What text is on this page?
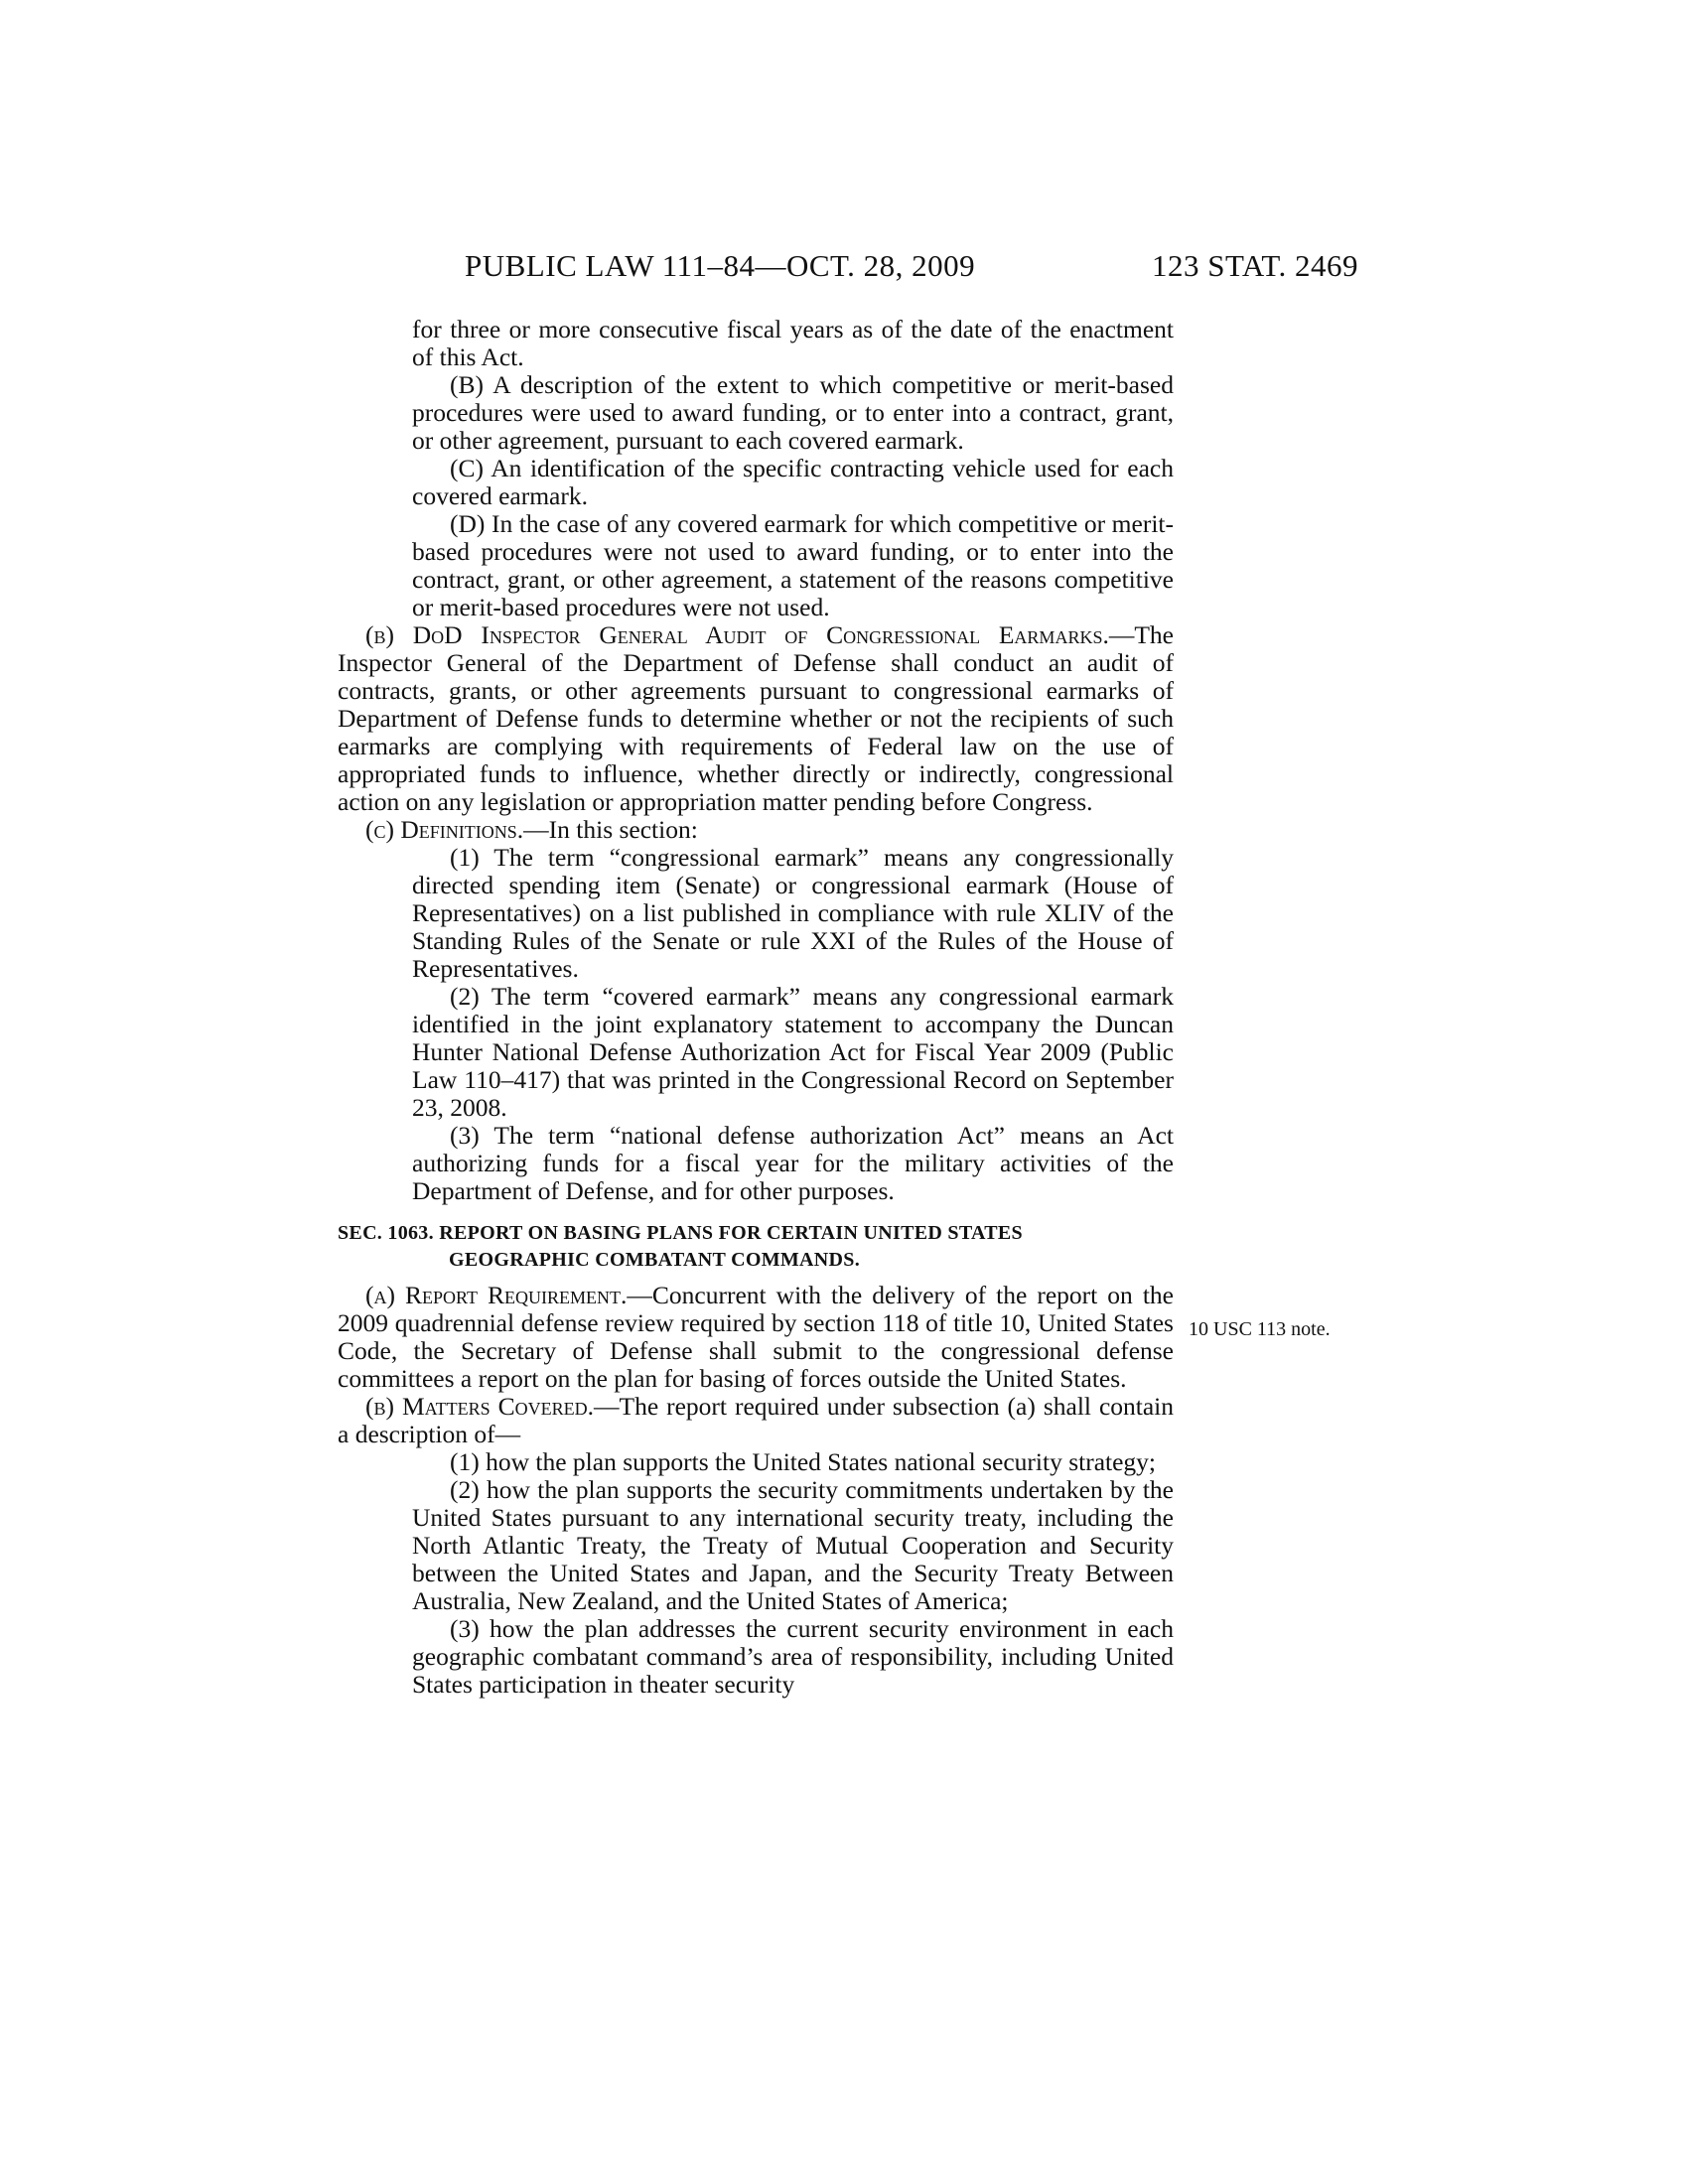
PUBLIC LAW 111–84—OCT. 28, 2009	123 STAT. 2469
10 USC 113 note.

for three or more consecutive fiscal years as of the date of the enactment of this Act.

(B) A description of the extent to which competitive or merit-based procedures were used to award funding, or to enter into a contract, grant, or other agreement, pursuant to each covered earmark.

(C) An identification of the specific contracting vehicle used for each covered earmark.

(D) In the case of any covered earmark for which competitive or merit-based procedures were not used to award funding, or to enter into the contract, grant, or other agreement, a statement of the reasons competitive or merit-based procedures were not used.

(b) DoD Inspector General Audit of Congressional Earmarks.—The Inspector General of the Department of Defense shall conduct an audit of contracts, grants, or other agreements pursuant to congressional earmarks of Department of Defense funds to determine whether or not the recipients of such earmarks are complying with requirements of Federal law on the use of appropriated funds to influence, whether directly or indirectly, congressional action on any legislation or appropriation matter pending before Congress.

(c) Definitions.—In this section:

(1) The term “congressional earmark” means any congressionally directed spending item (Senate) or congressional earmark (House of Representatives) on a list published in compliance with rule XLIV of the Standing Rules of the Senate or rule XXI of the Rules of the House of Representatives.

(2) The term “covered earmark” means any congressional earmark identified in the joint explanatory statement to accompany the Duncan Hunter National Defense Authorization Act for Fiscal Year 2009 (Public Law 110–417) that was printed in the Congressional Record on September 23, 2008.

(3) The term “national defense authorization Act” means an Act authorizing funds for a fiscal year for the military activities of the Department of Defense, and for other purposes.

SEC. 1063. REPORT ON BASING PLANS FOR CERTAIN UNITED STATES
GEOGRAPHIC COMBATANT COMMANDS.

(a) Report Requirement.—Concurrent with the delivery of the report on the 2009 quadrennial defense review required by section 118 of title 10, United States Code, the Secretary of Defense shall submit to the congressional defense committees a report on the plan for basing of forces outside the United States.

(b) Matters Covered.—The report required under subsection (a) shall contain a description of—

(1) how the plan supports the United States national security strategy;

(2) how the plan supports the security commitments undertaken by the United States pursuant to any international security treaty, including the North Atlantic Treaty, the Treaty of Mutual Cooperation and Security between the United States and Japan, and the Security Treaty Between Australia, New Zealand, and the United States of America;

(3) how the plan addresses the current security environment in each geographic combatant command’s area of responsibility, including United States participation in theater security
